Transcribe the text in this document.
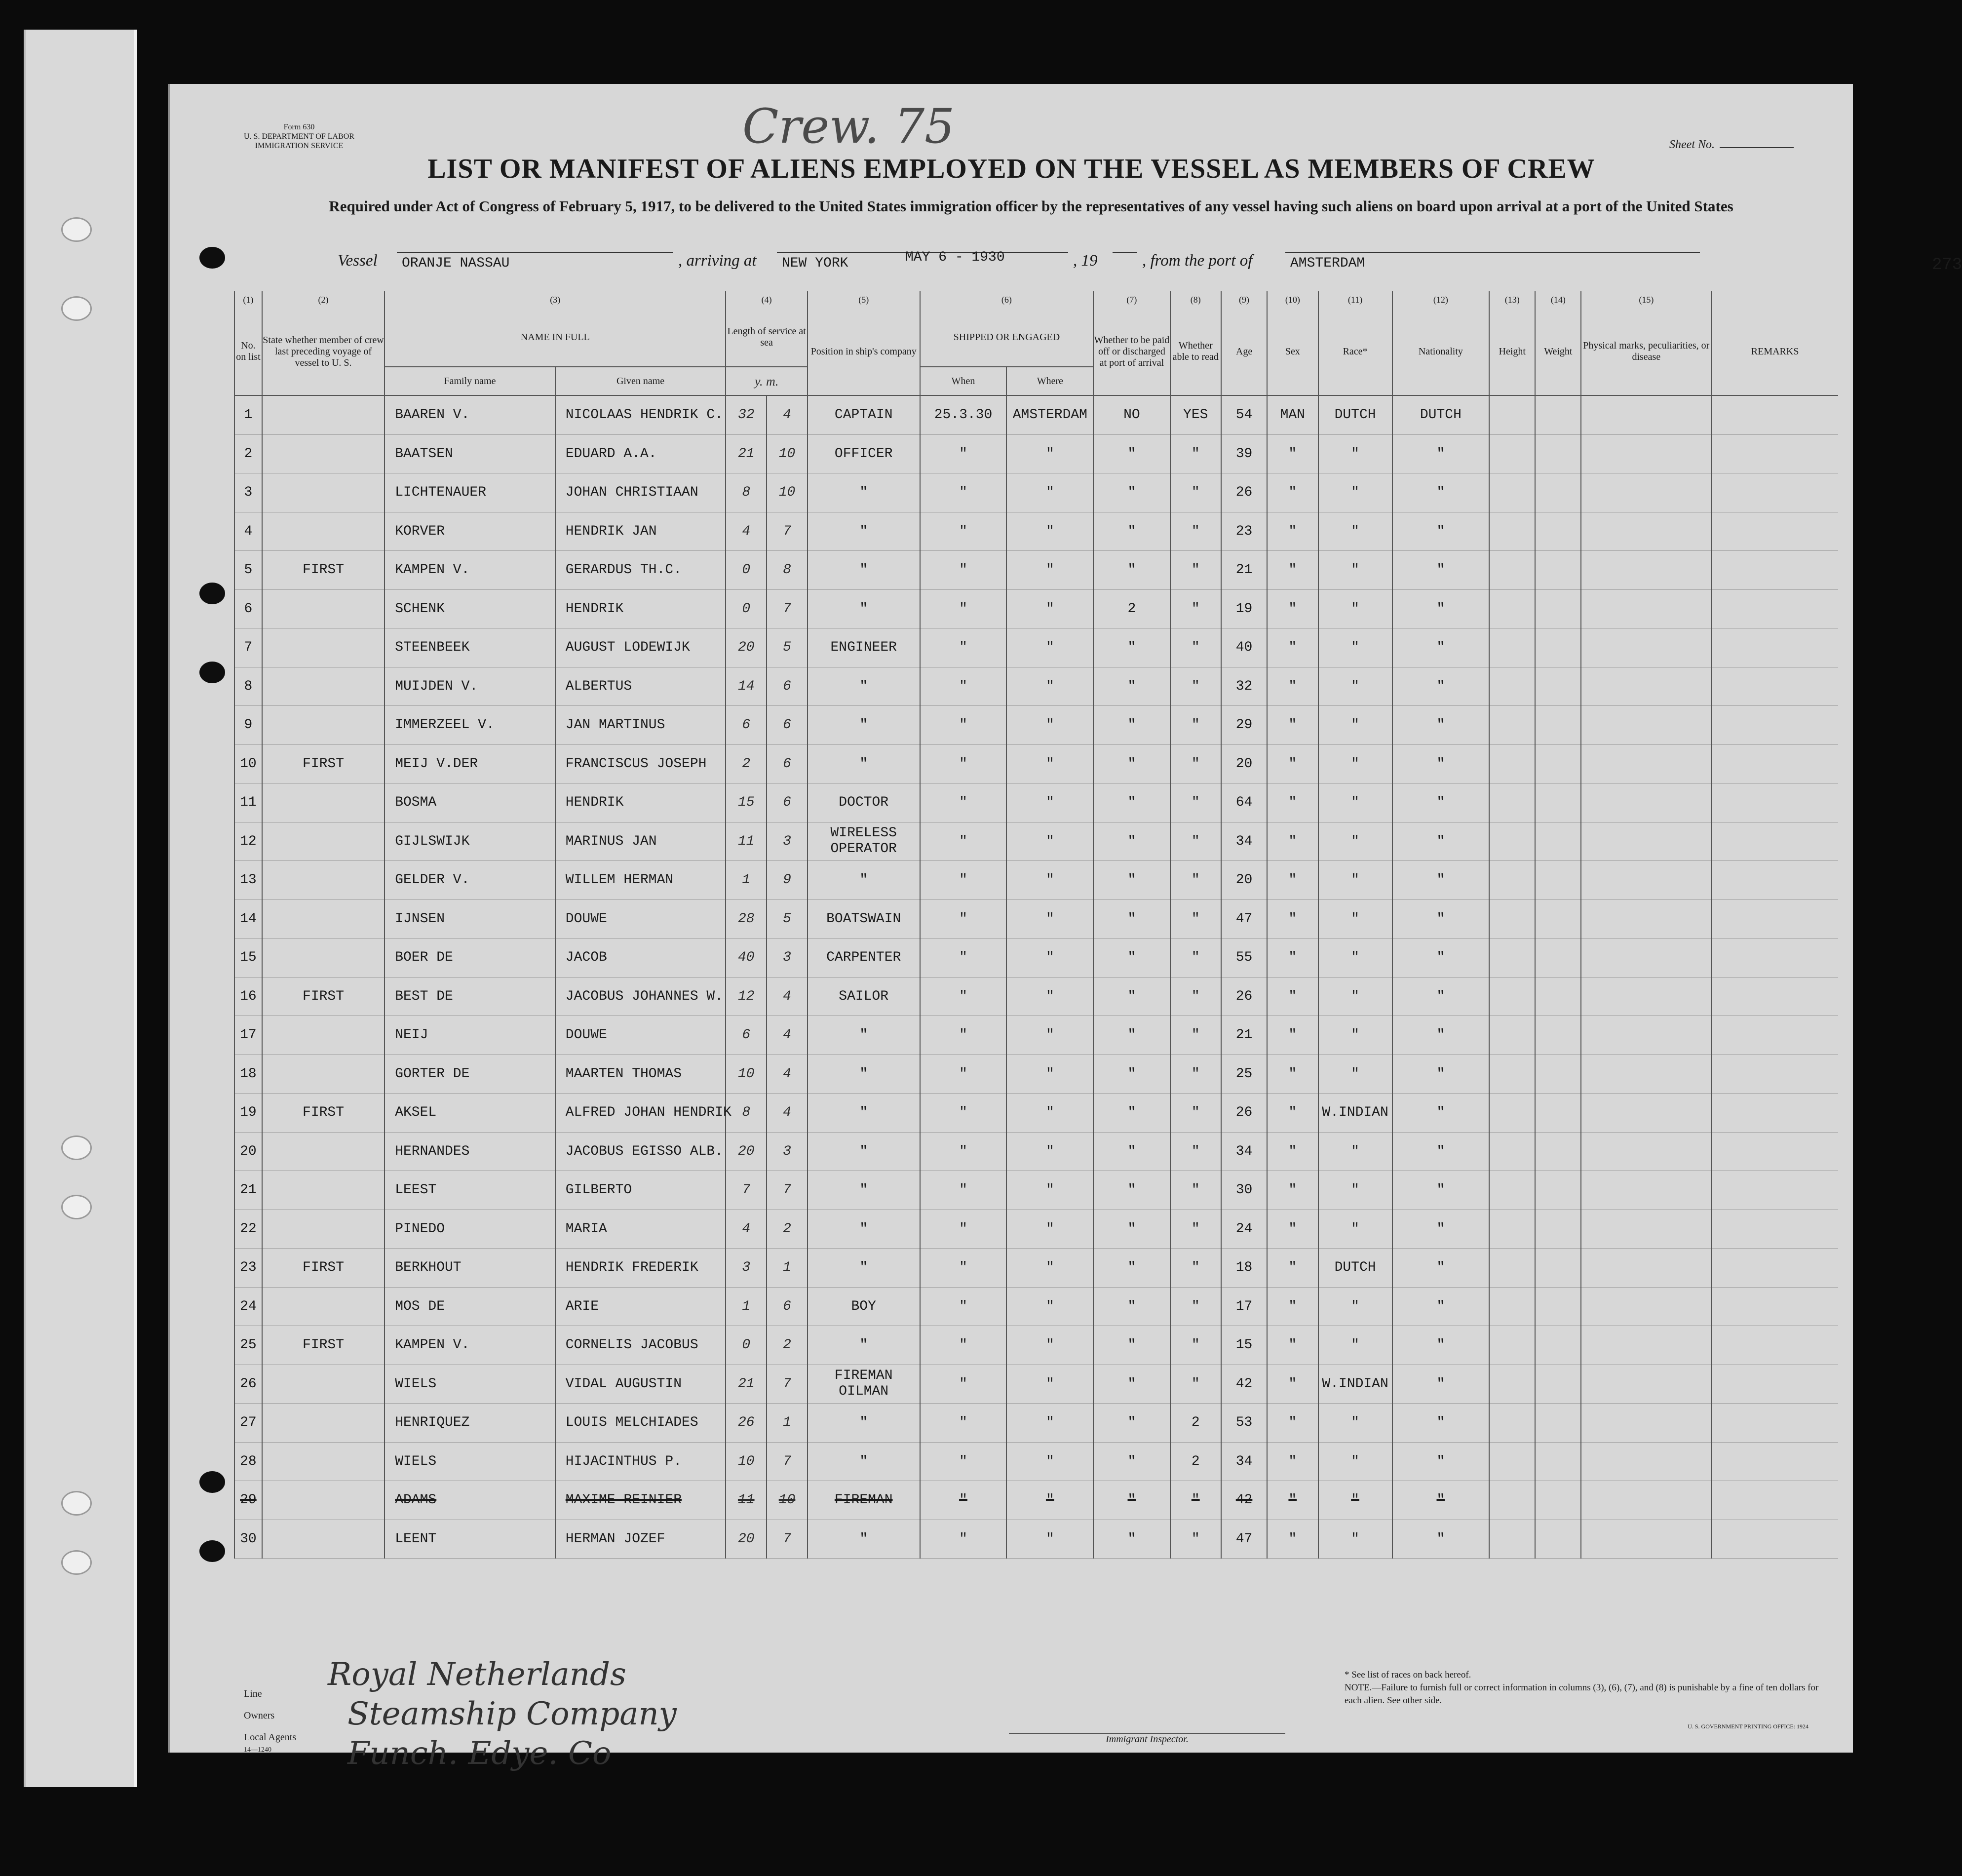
Form 630
U. S. DEPARTMENT OF LABOR
IMMIGRATION SERVICE	Sheet No.
Crew. 75
LIST OR MANIFEST OF ALIENS EMPLOYED ON THE VESSEL AS MEMBERS OF CREW
Required under Act of Congress of February 5, 1917, to be delivered to the United States immigration officer by the representatives of any vessel having such aliens on board upon arrival at a port of the United States
Vessel ORANJE NASSAU	, arriving at NEW YORK	MAY 6 - 1930	, 19	, from the port of	AMSTERDAM	273
(1)	(2)	(3)		(4)		(5)	(6)		(7)	(8)	(9)	(10)	(11)	(12)	(13)	(14)	(15)	
No. on list	State whether member of crew last preceding voyage of vessel to U. S.	NAME IN FULL		Length of service at sea		Position in ship's company	SHIPPED OR ENGAGED		Whether to be paid off or discharged at port of arrival	Whether able to read	Age	Sex	Race*	Nationality	Height	Weight	Physical marks, peculiarities, or disease	REMARKS
		Family name	Given name	y. m.			When	Where										
1		BAAREN V.	NICOLAAS HENDRIK C.	32	4	CAPTAIN	25.3.30	AMSTERDAM	NO	YES	54	MAN	DUTCH	DUTCH				
2		BAATSEN	EDUARD A.A.	21	10	OFFICER	"	"	"	"	39	"	"	"				
3		LICHTENAUER	JOHAN CHRISTIAAN	8	10	"	"	"	"	"	26	"	"	"				
4		KORVER	HENDRIK JAN	4	7	"	"	"	"	"	23	"	"	"				
5	FIRST	KAMPEN V.	GERARDUS TH.C.	0	8	"	"	"	"	"	21	"	"	"				
6		SCHENK	HENDRIK	0	7	"	"	"	2	"	19	"	"	"				
7		STEENBEEK	AUGUST LODEWIJK	20	5	ENGINEER	"	"	"	"	40	"	"	"				
8		MUIJDEN V.	ALBERTUS	14	6	"	"	"	"	"	32	"	"	"				
9		IMMERZEEL V.	JAN MARTINUS	6	6	"	"	"	"	"	29	"	"	"				
10	FIRST	MEIJ V.DER	FRANCISCUS JOSEPH	2	6	"	"	"	"	"	20	"	"	"				
11		BOSMA	HENDRIK	15	6	DOCTOR	"	"	"	"	64	"	"	"				
12		GIJLSWIJK	MARINUS JAN	11	3	WIRELESS OPERATOR	"	"	"	"	34	"	"	"				
13		GELDER V.	WILLEM HERMAN	1	9	"	"	"	"	"	20	"	"	"				
14		IJNSEN	DOUWE	28	5	BOATSWAIN	"	"	"	"	47	"	"	"				
15		BOER DE	JACOB	40	3	CARPENTER	"	"	"	"	55	"	"	"				
16	FIRST	BEST DE	JACOBUS JOHANNES W.	12	4	SAILOR	"	"	"	"	26	"	"	"				
17		NEIJ	DOUWE	6	4	"	"	"	"	"	21	"	"	"				
18		GORTER DE	MAARTEN THOMAS	10	4	"	"	"	"	"	25	"	"	"				
19	FIRST	AKSEL	ALFRED JOHAN HENDRIK	8	4	"	"	"	"	"	26	"	W.INDIAN	"				
20		HERNANDES	JACOBUS EGISSO ALB.	20	3	"	"	"	"	"	34	"	"	"				
21		LEEST	GILBERTO	7	7	"	"	"	"	"	30	"	"	"				
22		PINEDO	MARIA	4	2	"	"	"	"	"	24	"	"	"				
23	FIRST	BERKHOUT	HENDRIK FREDERIK	3	1	"	"	"	"	"	18	"	DUTCH	"				
24		MOS DE	ARIE	1	6	BOY	"	"	"	"	17	"	"	"				
25	FIRST	KAMPEN V.	CORNELIS JACOBUS	0	2	"	"	"	"	"	15	"	"	"				
26		WIELS	VIDAL AUGUSTIN	21	7	FIREMAN OILMAN	"	"	"	"	42	"	W.INDIAN	"				
27		HENRIQUEZ	LOUIS MELCHIADES	26	1	"	"	"	"	2	53	"	"	"				
28		WIELS	HIJACINTHUS P.	10	7	"	"	"	"	2	34	"	"	"				
29		ADAMS	MAXIME REINIER	11	10	FIREMAN	"	"	"	"	42	"	"	"				
30		LEENT	HERMAN JOZEF	20	7	"	"	"	"	"	47	"	"	"				
Line
Owners
Local Agents
14—1240
Royal Netherlands
Steamship Company
Funch. Edye. Co	Immigrant Inspector.
* See list of races on back hereof.
NOTE.—Failure to furnish full or correct information in columns (3), (6), (7), and (8) is punishable by a fine of ten dollars for each alien. See other side.
U. S. GOVERNMENT PRINTING OFFICE: 1924
